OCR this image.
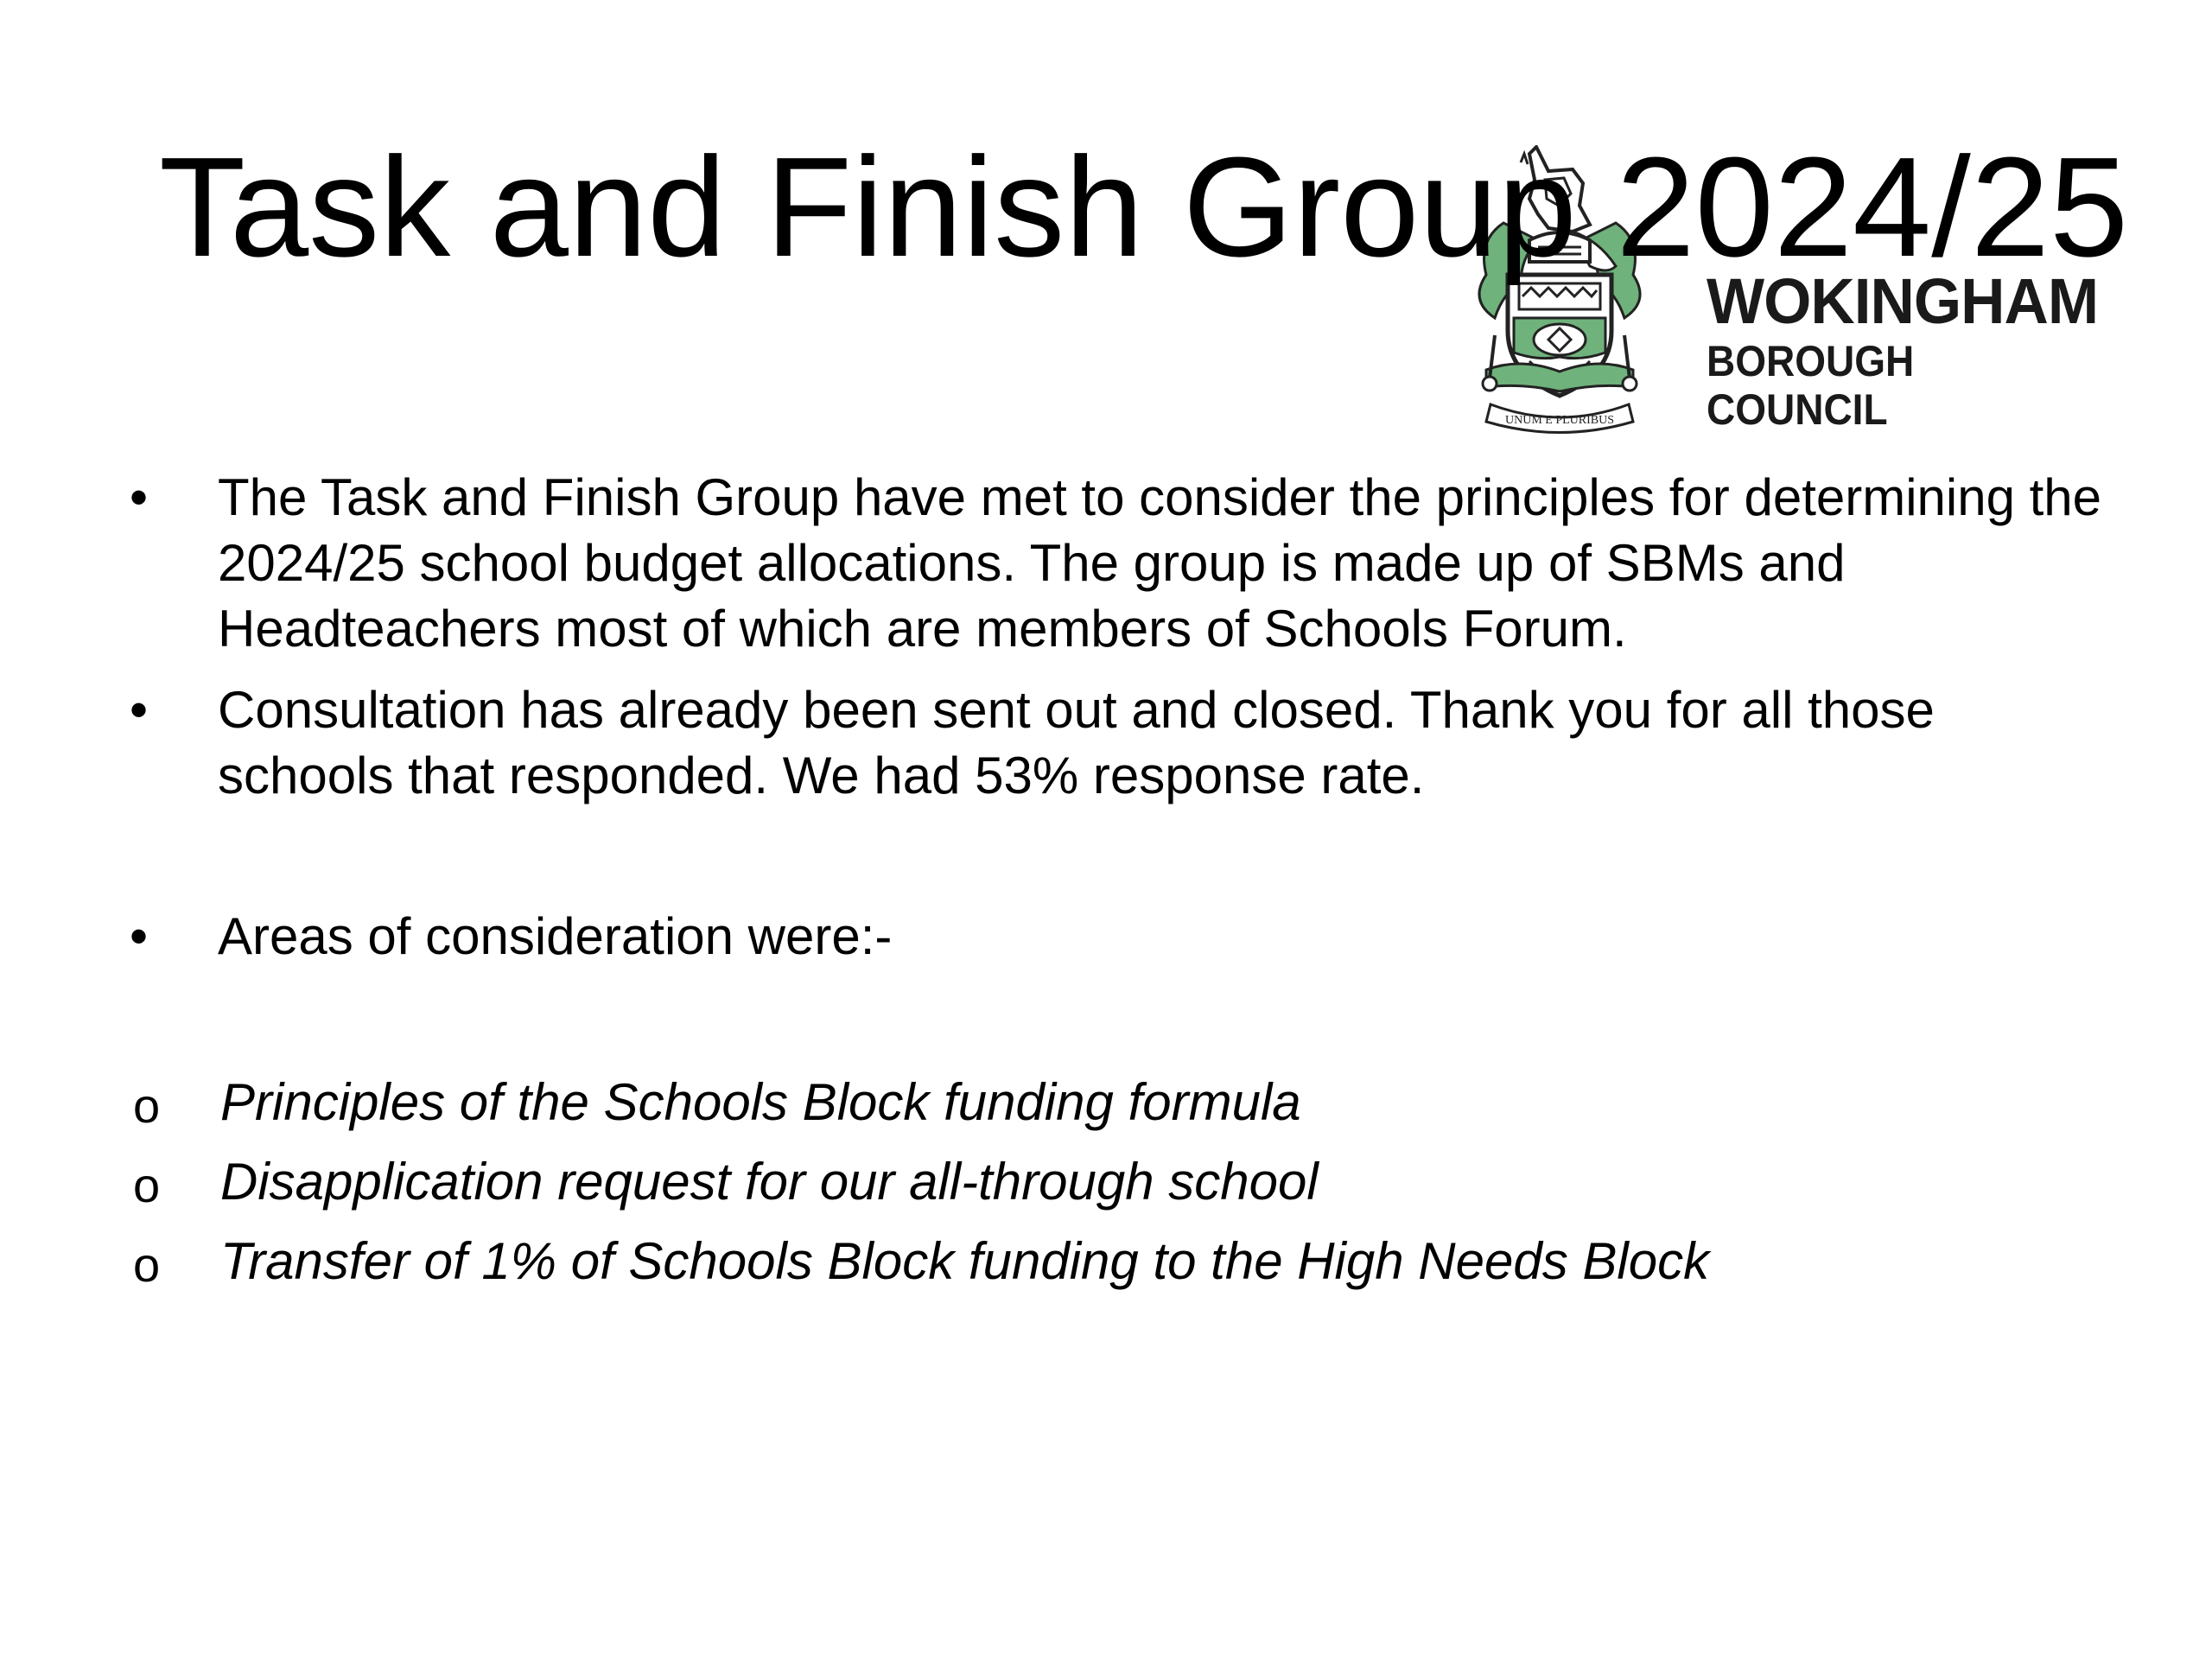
UNUM E PLURIBUS
WOKINGHAM
BOROUGH COUNCIL
Task and Finish Group 2024/25
•	The Task and Finish Group have met to consider the principles for determining the 2024/25 school budget allocations. The group is made up of SBMs and Headteachers most of which are members of Schools Forum.
•	Consultation has already been sent out and closed. Thank you for all those schools that responded. We had 53% response rate.
•	Areas of consideration were:-
o Principles of the Schools Block funding formula
o Disapplication request for our all-through school
o Transfer of 1% of Schools Block funding to the High Needs Block
